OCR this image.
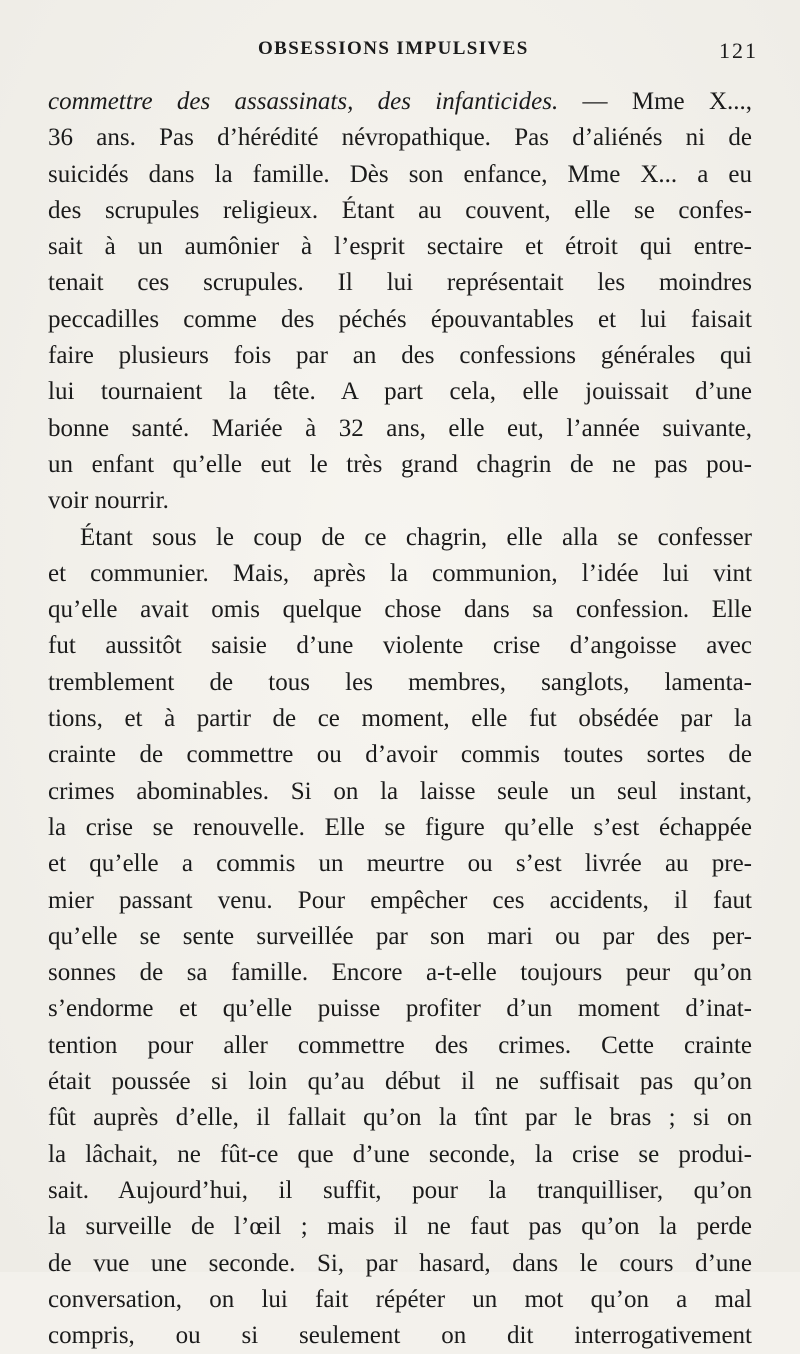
OBSESSIONS IMPULSIVES	121
commettre des assassinats, des infanticides. — Mme X...,
36 ans. Pas d’hérédité névropathique. Pas d’aliénés ni de
suicidés dans la famille. Dès son enfance, Mme X... a eu
des scrupules religieux. Étant au couvent, elle se confes-
sait à un aumônier à l’esprit sectaire et étroit qui entre-
tenait ces scrupules. Il lui représentait les moindres
peccadilles comme des péchés épouvantables et lui faisait
faire plusieurs fois par an des confessions générales qui
lui tournaient la tête. A part cela, elle jouissait d’une
bonne santé. Mariée à 32 ans, elle eut, l’année suivante,
un enfant qu’elle eut le très grand chagrin de ne pas pou-
voir nourrir.
Étant sous le coup de ce chagrin, elle alla se confesser
et communier. Mais, après la communion, l’idée lui vint
qu’elle avait omis quelque chose dans sa confession. Elle
fut aussitôt saisie d’une violente crise d’angoisse avec
tremblement de tous les membres, sanglots, lamenta-
tions, et à partir de ce moment, elle fut obsédée par la
crainte de commettre ou d’avoir commis toutes sortes de
crimes abominables. Si on la laisse seule un seul instant,
la crise se renouvelle. Elle se figure qu’elle s’est échappée
et qu’elle a commis un meurtre ou s’est livrée au pre-
mier passant venu. Pour empêcher ces accidents, il faut
qu’elle se sente surveillée par son mari ou par des per-
sonnes de sa famille. Encore a-t-elle toujours peur qu’on
s’endorme et qu’elle puisse profiter d’un moment d’inat-
tention pour aller commettre des crimes. Cette crainte
était poussée si loin qu’au début il ne suffisait pas qu’on
fût auprès d’elle, il fallait qu’on la tînt par le bras ; si on
la lâchait, ne fût-ce que d’une seconde, la crise se produi-
sait. Aujourd’hui, il suffit, pour la tranquilliser, qu’on
la surveille de l’œil ; mais il ne faut pas qu’on la perde
de vue une seconde. Si, par hasard, dans le cours d’une
conversation, on lui fait répéter un mot qu’on a mal
compris, ou si seulement on dit interrogativement
